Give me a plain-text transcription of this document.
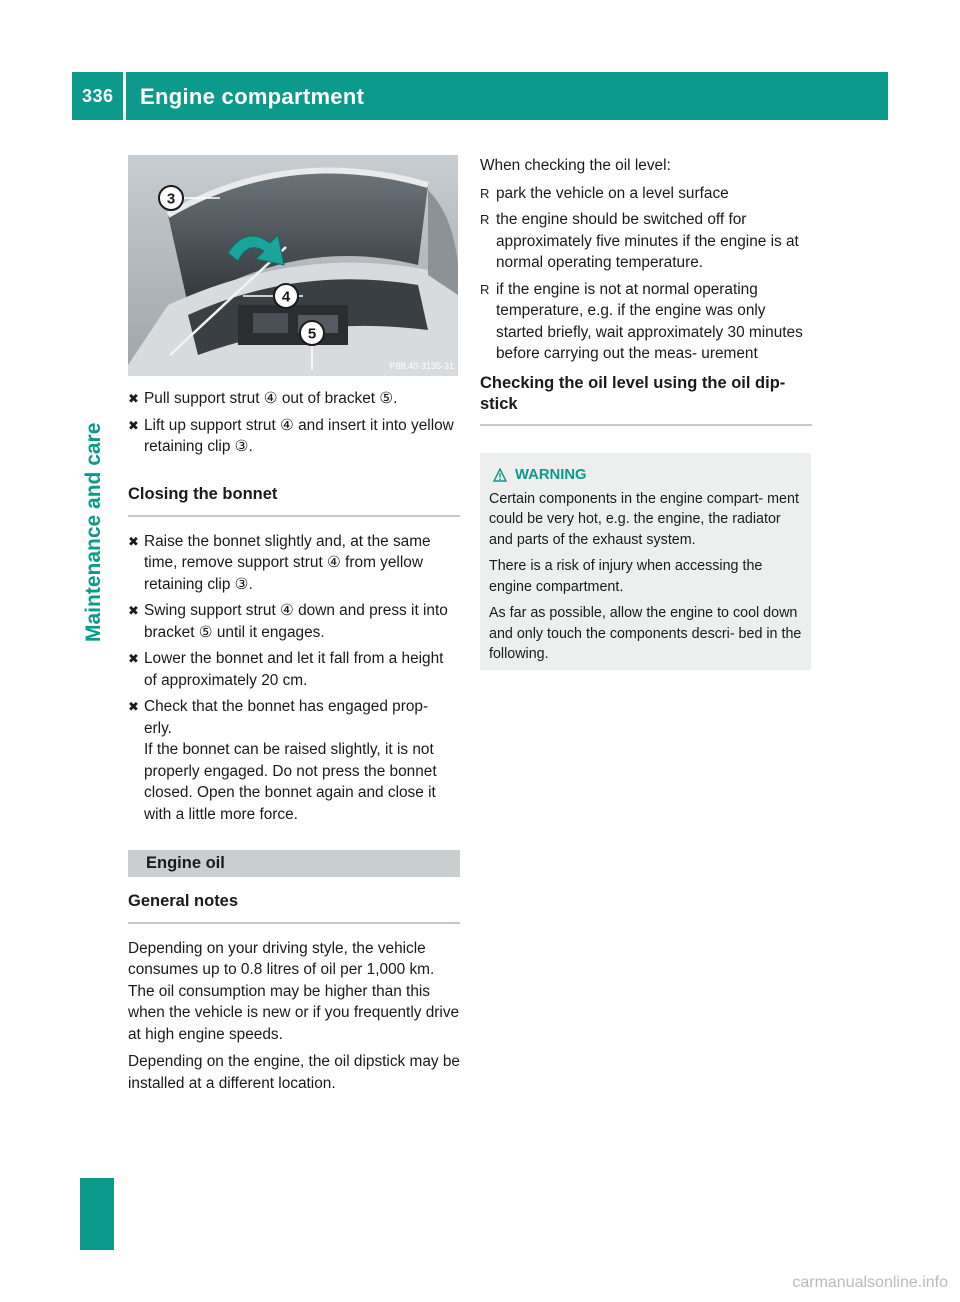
336 Engine compartment
Maintenance and care
3
4
5
P88.40-3135-31
✖ Pull support strut ④ out of bracket ⑤.
✖ Lift up support strut ④ and insert it into yellow retaining clip ③.
Closing the bonnet
✖ Raise the bonnet slightly and, at the same time, remove support strut ④ from yellow retaining clip ③.
✖ Swing support strut ④ down and press it into bracket ⑤ until it engages.
✖ Lower the bonnet and let it fall from a height of approximately 20 cm.
✖ Check that the bonnet has engaged prop- erly.
If the bonnet can be raised slightly, it is not properly engaged. Do not press the bonnet closed. Open the bonnet again and close it with a little more force.
Engine oil
General notes

Depending on your driving style, the vehicle consumes up to 0.8 litres of oil per 1,000 km. The oil consumption may be higher than this when the vehicle is new or if you frequently drive at high engine speeds.

Depending on the engine, the oil dipstick may be installed at a different location.

When checking the oil level:

R park the vehicle on a level surface
R the engine should be switched off for approximately five minutes if the engine is at normal operating temperature.
R if the engine is not at normal operating temperature, e.g. if the engine was only started briefly, wait approximately 30 minutes before carrying out the meas- urement
Checking the oil level using the oil dip- stick
WARNING

Certain components in the engine compart- ment could be very hot, e.g. the engine, the radiator and parts of the exhaust system.

There is a risk of injury when accessing the engine compartment.

As far as possible, allow the engine to cool down and only touch the components descri- bed in the following.

carmanualsonline.info
